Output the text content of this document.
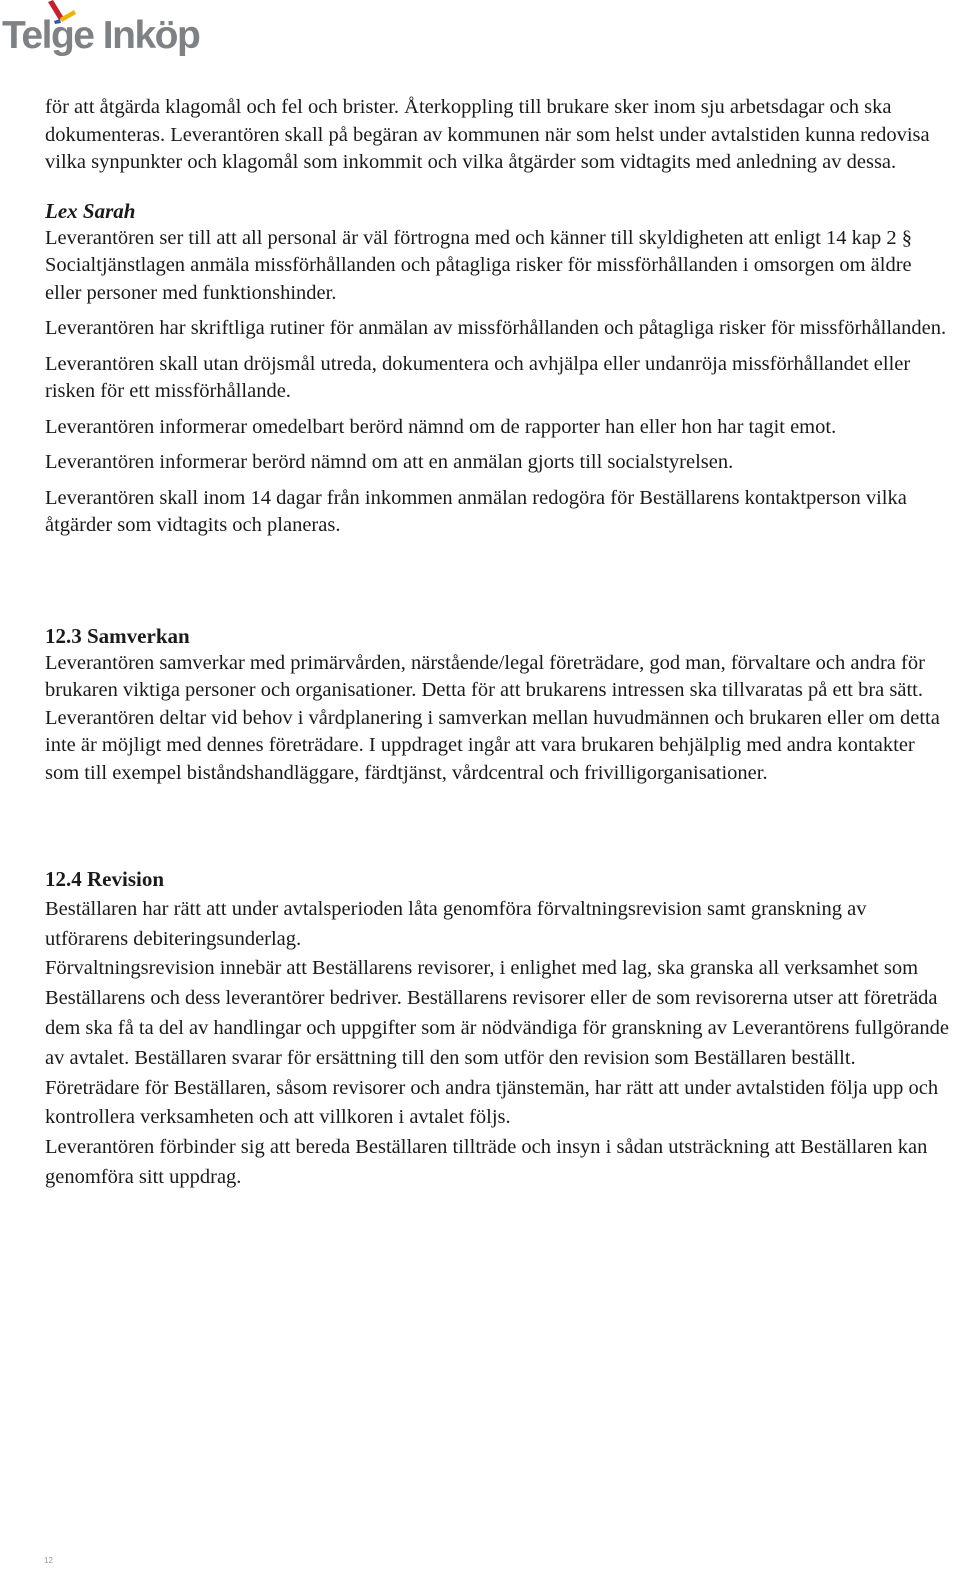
Telge Inköp

för att åtgärda klagomål och fel och brister. Återkoppling till brukare sker inom sju arbetsdagar och ska dokumenteras. Leverantören skall på begäran av kommunen när som helst under avtalstiden kunna redovisa vilka synpunkter och klagomål som inkommit och vilka åtgärder som vidtagits med anledning av dessa.

Lex Sarah

Leverantören ser till att all personal är väl förtrogna med och känner till skyldigheten att enligt 14 kap 2 § Socialtjänstlagen anmäla missförhållanden och påtagliga risker för missförhållanden i omsorgen om äldre eller personer med funktionshinder.

Leverantören har skriftliga rutiner för anmälan av missförhållanden och påtagliga risker för missförhållanden.

Leverantören skall utan dröjsmål utreda, dokumentera och avhjälpa eller undanröja missförhållandet eller risken för ett missförhållande.

Leverantören informerar omedelbart berörd nämnd om de rapporter han eller hon har tagit emot.

Leverantören informerar berörd nämnd om att en anmälan gjorts till socialstyrelsen.

Leverantören skall inom 14 dagar från inkommen anmälan redogöra för Beställarens kontaktperson vilka åtgärder som vidtagits och planeras.

12.3 Samverkan

Leverantören samverkar med primärvården, närstående/legal företrädare, god man, förvaltare och andra för brukaren viktiga personer och organisationer. Detta för att brukarens intressen ska tillvaratas på ett bra sätt. Leverantören deltar vid behov i vårdplanering i samverkan mellan huvudmännen och brukaren eller om detta inte är möjligt med dennes företrädare. I uppdraget ingår att vara brukaren behjälplig med andra kontakter som till exempel biståndshandläggare, färdtjänst, vårdcentral och frivilligorganisationer.

12.4 Revision

Beställaren har rätt att under avtalsperioden låta genomföra förvaltningsrevision samt granskning av utförarens debiteringsunderlag.

Förvaltningsrevision innebär att Beställarens revisorer, i enlighet med lag, ska granska all verksamhet som Beställarens och dess leverantörer bedriver. Beställarens revisorer eller de som revisorerna utser att företräda dem ska få ta del av handlingar och uppgifter som är nödvändiga för granskning av Leverantörens fullgörande av avtalet. Beställaren svarar för ersättning till den som utför den revision som Beställaren beställt.

Företrädare för Beställaren, såsom revisorer och andra tjänstemän, har rätt att under avtalstiden följa upp och kontrollera verksamheten och att villkoren i avtalet följs.

Leverantören förbinder sig att bereda Beställaren tillträde och insyn i sådan utsträckning att Beställaren kan genomföra sitt uppdrag.

12
